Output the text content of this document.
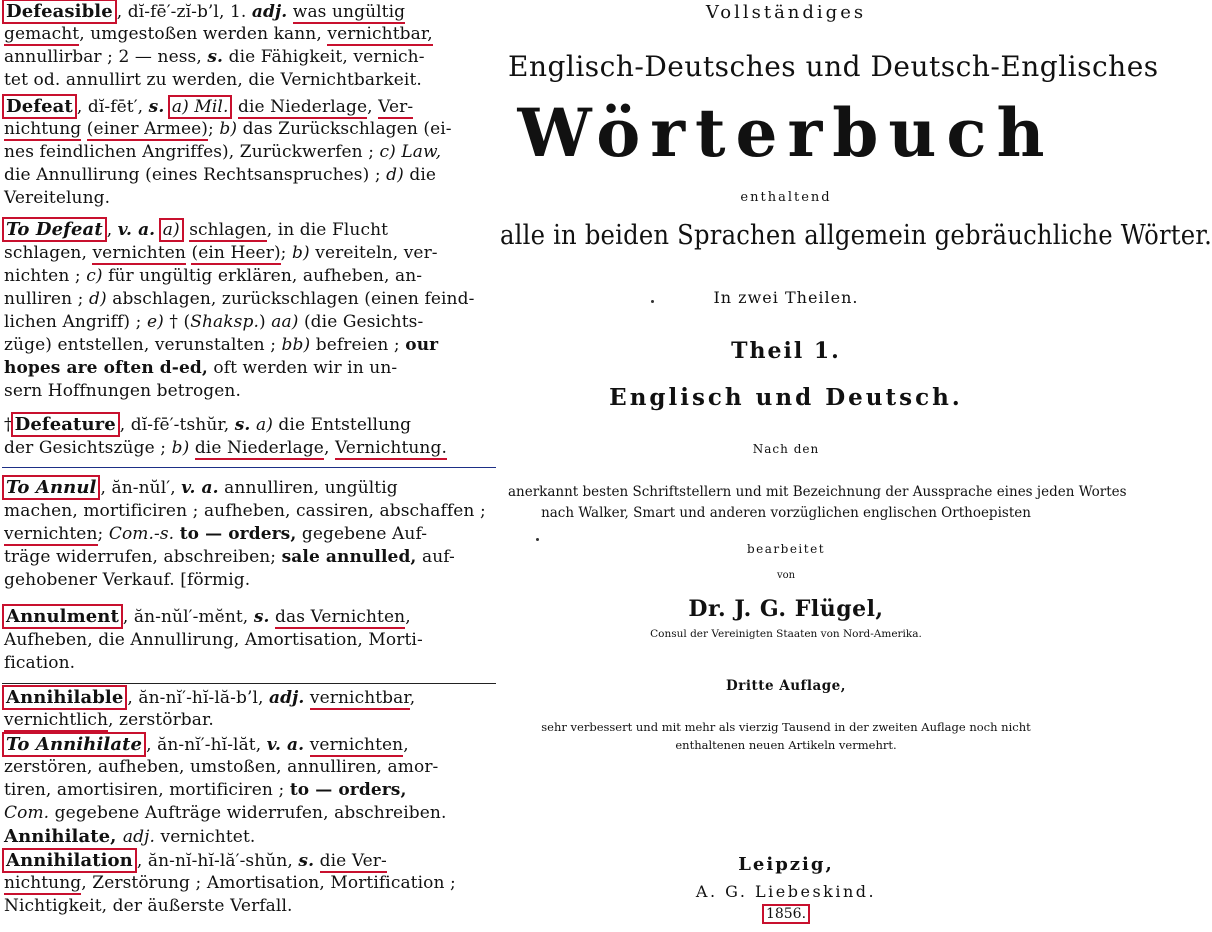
Defeasible , dĭ-fē′-zĭ-b’l, 1. adj. was ungültig
gemacht, umgestoßen werden kann, vernichtbar,
annullirbar ; 2 — ness, s. die Fähigkeit, vernich-
tet od. annullirt zu werden, die Vernichtbarkeit.
Defeat , dĭ-fēt′, s. a) Mil. die Niederlage, Ver-
nichtung (einer Armee); b) das Zurückschlagen (ei-
nes feindlichen Angriffes), Zurückwerfen ; c) Law,
die Annullirung (eines Rechtsanspruches) ; d) die
Vereitelung.
To Defeat , v. a. a) schlagen, in die Flucht
schlagen, vernichten (ein Heer); b) vereiteln, ver-
nichten ; c) für ungültig erklären, aufheben, an-
nulliren ; d) abschlagen, zurückschlagen (einen feind-
lichen Angriff) ; e) † (Shaksp.) aa) (die Gesichts-
züge) entstellen, verunstalten ; bb) befreien ; our
hopes are often d-ed, oft werden wir in un-
sern Hoffnungen betrogen.
† Defeature , dĭ-fē′-tshŭr, s. a) die Entstellung
der Gesichtszüge ; b) die Niederlage, Vernichtung.
To Annul , ăn-nŭl′, v. a. annulliren, ungültig
machen, mortificiren ; aufheben, cassiren, abschaffen ;
vernichten; Com.-s. to — orders, gegebene Auf-
träge widerrufen, abschreiben; sale annulled, auf-
gehobener Verkauf. [förmig.
Annulment , ăn-nŭl′-mĕnt, s. das Vernichten,
Aufheben, die Annullirung, Amortisation, Morti-
fication.
Annihilable , ăn-nĭ′-hĭ-lă-b’l, adj. vernichtbar,
vernichtlich, zerstörbar.
To Annihilate , ăn-nĭ′-hĭ-lăt, v. a. vernichten,
zerstören, aufheben, umstoßen, annulliren, amor-
tiren, amortisiren, mortificiren ; to — orders,
Com. gegebene Aufträge widerrufen, abschreiben.
Annihilate, adj. vernichtet.
Annihilation , ăn-nĭ-hĭ-lă′-shŭn, s. die Ver-
nichtung, Zerstörung ; Amortisation, Mortification ;
Nichtigkeit, der äußerste Verfall.
Vollständiges
Englisch-Deutsches und Deutsch-Englisches
Wörterbuch
enthaltend
alle in beiden Sprachen allgemein gebräuchliche Wörter.
In zwei Theilen.
Theil 1.
Englisch und Deutsch.
Nach den
anerkannt besten Schriftstellern und mit Bezeichnung der Aussprache eines jeden Wortes
nach Walker, Smart und anderen vorzüglichen englischen Orthoepisten
bearbeitet
von
Dr. J. G. Flügel,
Consul der Vereinigten Staaten von Nord-Amerika.
Dritte Auflage,
sehr verbessert und mit mehr als vierzig Tausend in der zweiten Auflage noch nicht
enthaltenen neuen Artikeln vermehrt.
Leipzig,
A. G. Liebeskind.
1856.
